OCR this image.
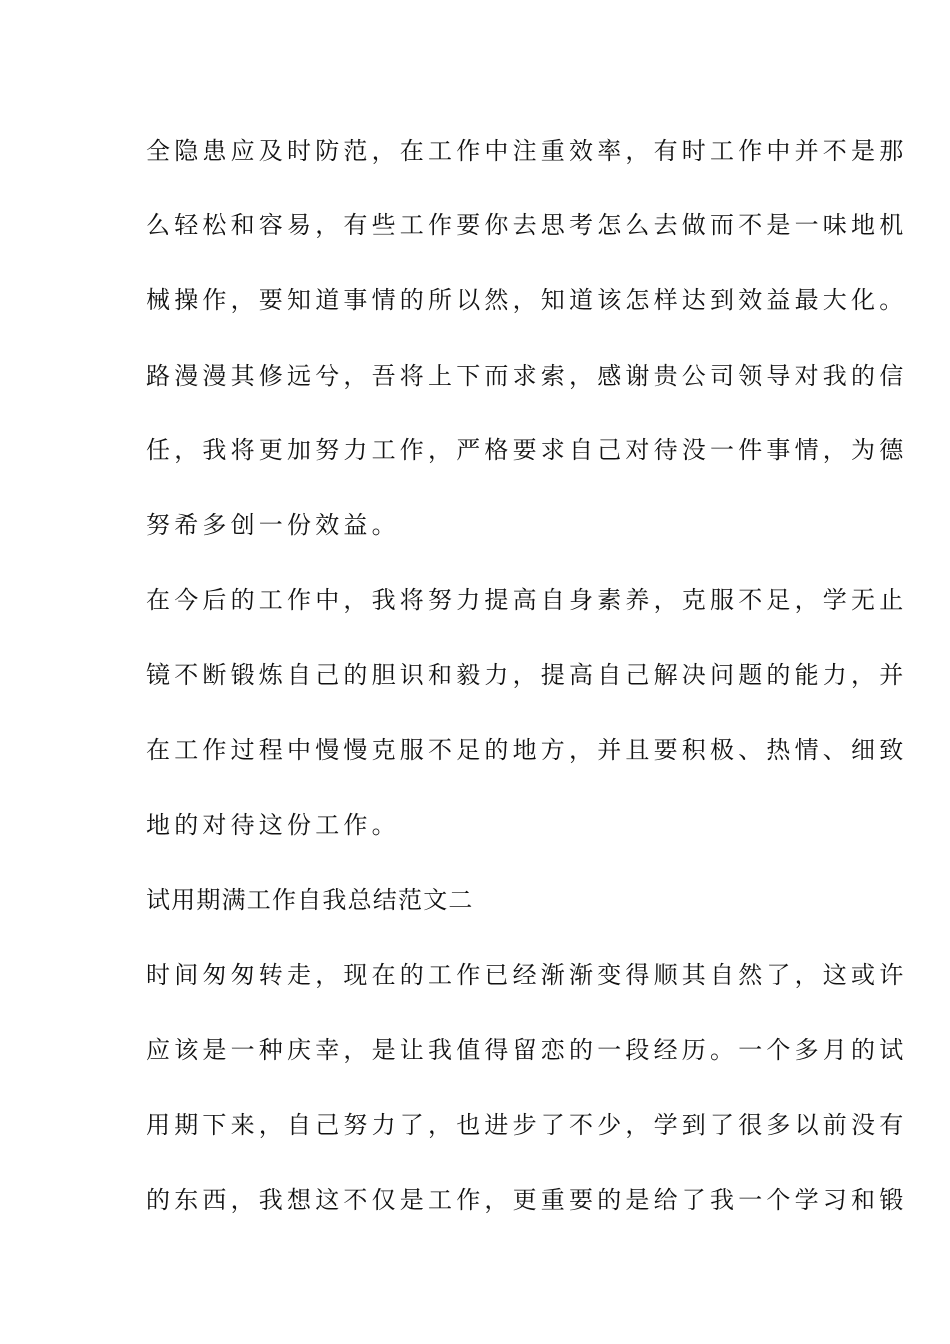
全隐患应及时防范，在工作中注重效率，有时工作中并不是那

么轻松和容易，有些工作要你去思考怎么去做而不是一味地机

械操作，要知道事情的所以然，知道该怎样达到效益最大化。

路漫漫其修远兮，吾将上下而求索，感谢贵公司领导对我的信

任，我将更加努力工作，严格要求自己对待没一件事情，为德

努希多创一份效益。

在今后的工作中，我将努力提高自身素养，克服不足，学无止

镜不断锻炼自己的胆识和毅力，提高自己解决问题的能力，并

在工作过程中慢慢克服不足的地方，并且要积极、热情、细致

地的对待这份工作。

试用期满工作自我总结范文二

时间匆匆转走，现在的工作已经渐渐变得顺其自然了，这或许

应该是一种庆幸，是让我值得留恋的一段经历。一个多月的试

用期下来，自己努力了，也进步了不少，学到了很多以前没有

的东西，我想这不仅是工作，更重要的是给了我一个学习和锻
